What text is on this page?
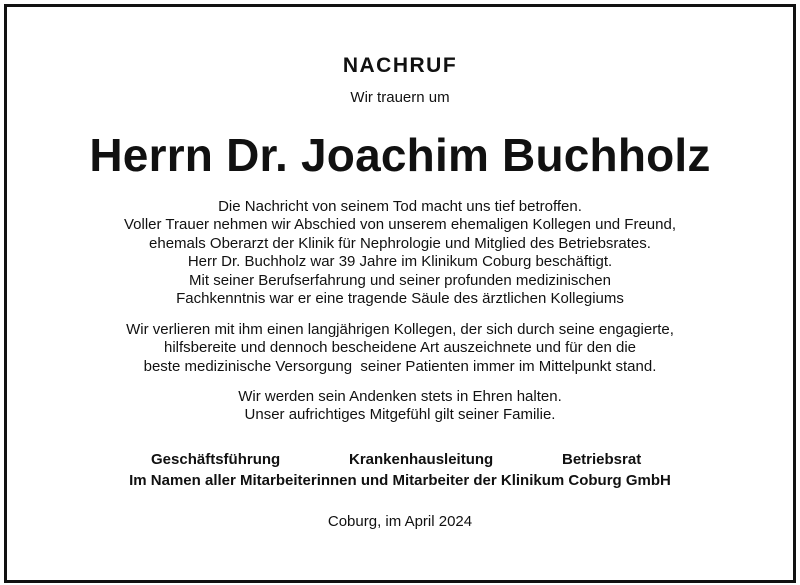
NACHRUF
Wir trauern um
Herrn Dr. Joachim Buchholz
Die Nachricht von seinem Tod macht uns tief betroffen.
Voller Trauer nehmen wir Abschied von unserem ehemaligen Kollegen und Freund,
ehemals Oberarzt der Klinik für Nephrologie und Mitglied des Betriebsrates.
Herr Dr. Buchholz war 39 Jahre im Klinikum Coburg beschäftigt.
Mit seiner Berufserfahrung und seiner profunden medizinischen
Fachkenntnis war er eine tragende Säule des ärztlichen Kollegiums
Wir verlieren mit ihm einen langjährigen Kollegen, der sich durch seine engagierte,
hilfsbereite und dennoch bescheidene Art auszeichnete und für den die
beste medizinische Versorgung  seiner Patienten immer im Mittelpunkt stand.
Wir werden sein Andenken stets in Ehren halten.
Unser aufrichtiges Mitgefühl gilt seiner Familie.
Geschäftsführung	Krankenhausleitung	Betriebsrat
Im Namen aller Mitarbeiterinnen und Mitarbeiter der Klinikum Coburg GmbH
Coburg, im April 2024
